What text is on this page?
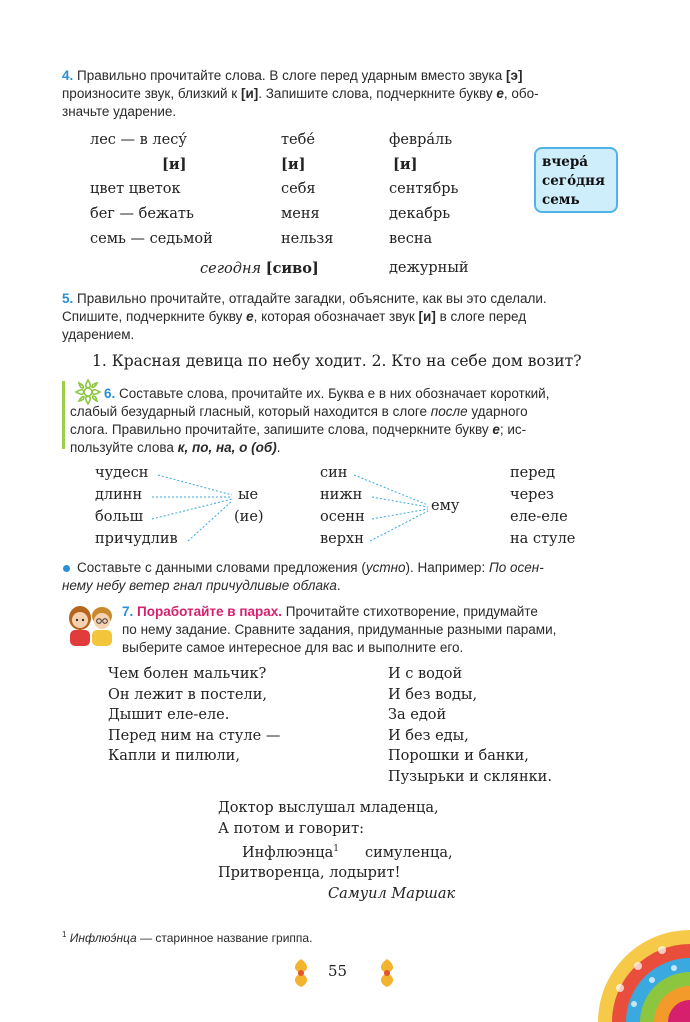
4. Правильно прочитайте слова. В слоге перед ударным вместо звука [э]
произносите звук, близкий к [и]. Запишите слова, подчеркните букву е, обо-
значьте ударение.
лес — в лесу́
[и]
цвет цветок
бег — бежать
семь — седьмой
тебе́
[и]
себя
меня
нельзя
февра́ль
[и]
сентябрь
декабрь
весна
сегодня [сиво]	дежурный
вчера́
сего́дня
семь
5. Правильно прочитайте, отгадайте загадки, объясните, как вы это сделали.
Спишите, подчеркните букву е, которая обозначает звук [и] в слоге перед
ударением.
1. Красная девица по небу ходит. 2. Кто на себе дом возит?
6. Составьте слова, прочитайте их. Буква е в них обозначает короткий,
слабый безударный гласный, который находится в слоге после ударного
слога. Правильно прочитайте, запишите слова, подчеркните букву е; ис-
пользуйте слова к, по, на, о (об).
чудесн
длинн
больш
причудлив
ые
(ие)
син
нижн
осенн
верхн
ему
перед
через
еле-еле
на стуле
Составьте с данными словами предложения (устно). Например: По осен-
нему небу ветер гнал причудливые облака.
7. Поработайте в парах. Прочитайте стихотворение, придумайте
по нему задание. Сравните задания, придуманные разными парами,
выберите самое интересное для вас и выполните его.
Чем болен мальчик?
Он лежит в постели,
Дышит еле-еле.
Перед ним на стуле —
Капли и пилюли,
И с водой
И без воды,
За едой
И без еды,
Порошки и банки,
Пузырьки и склянки.
Доктор выслушал младенца,
А потом и говорит:
Инфлюэнца$^1$ симуленца,
Притворенца, лодырит!
Самуил Маршак
$^1$ Инфлюэ́нца — старинное название гриппа.
55
